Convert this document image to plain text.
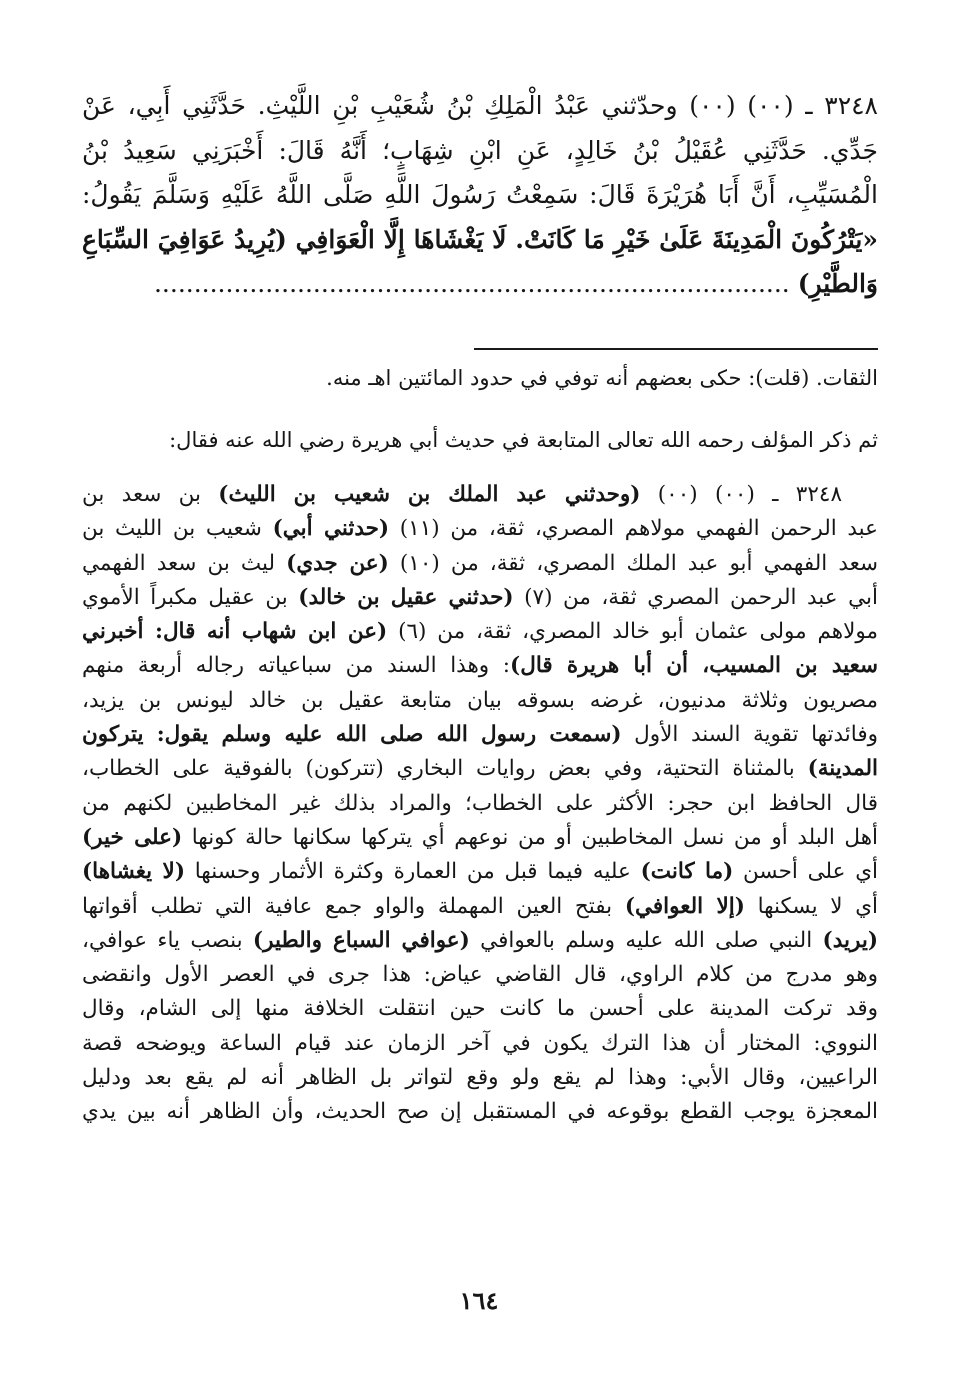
٣٢٤٨ ـ (٠٠) (٠٠) وحدّثني عَبْدُ الْمَلِكِ بْنُ شُعَيْبِ بْنِ اللَّيْثِ. حَدَّثَنِي أَبِي، عَنْ جَدِّي. حَدَّثَنِي عُقَيْلُ بْنُ خَالِدٍ، عَنِ ابْنِ شِهَابٍ؛ أَنَّهُ قَالَ: أَخْبَرَنِي سَعِيدُ بْنُ الْمُسَيِّبِ، أَنَّ أَبَا هُرَيْرَةَ قَالَ: سَمِعْتُ رَسُولَ اللَّهِ صَلَّى اللَّهُ عَلَيْهِ وَسَلَّمَ يَقُولُ: «يَتْرُكُونَ الْمَدِينَةَ عَلَىٰ خَيْرِ مَا كَانَتْ. لَا يَغْشَاهَا إِلَّا الْعَوَافِي (يُرِيدُ عَوَافِيَ السِّبَاعِ وَالطَّيْرِ) ................................................................................
الثقات. (قلت): حكى بعضهم أنه توفي في حدود المائتين اهـ منه.
ثم ذكر المؤلف رحمه الله تعالى المتابعة في حديث أبي هريرة رضي الله عنه فقال:
٣٢٤٨ ـ (٠٠) (٠٠) (وحدثني عبد الملك بن شعيب بن الليث) بن سعد بن
عبد الرحمن الفهمي مولاهم المصري، ثقة، من (١١) (حدثني أبي) شعيب بن الليث بن
سعد الفهمي أبو عبد الملك المصري، ثقة، من (١٠) (عن جدي) ليث بن سعد الفهمي
أبي عبد الرحمن المصري ثقة، من (٧) (حدثني عقيل بن خالد) بن عقيل مكبراً الأموي
مولاهم مولى عثمان أبو خالد المصري، ثقة، من (٦) (عن ابن شهاب أنه قال: أخبرني
سعيد بن المسيب، أن أبا هريرة قال): وهذا السند من سباعياته رجاله أربعة منهم
مصريون وثلاثة مدنيون، غرضه بسوقه بيان متابعة عقيل بن خالد ليونس بن يزيد،
وفائدتها تقوية السند الأول (سمعت رسول الله صلى الله عليه وسلم يقول: يتركون
المدينة) بالمثناة التحتية، وفي بعض روايات البخاري (تتركون) بالفوقية على الخطاب،
قال الحافظ ابن حجر: الأكثر على الخطاب؛ والمراد بذلك غير المخاطبين لكنهم من
أهل البلد أو من نسل المخاطبين أو من نوعهم أي يتركها سكانها حالة كونها (على خير)
أي على أحسن (ما كانت) عليه فيما قبل من العمارة وكثرة الأثمار وحسنها (لا يغشاها)
أي لا يسكنها (إلا العوافي) بفتح العين المهملة والواو جمع عافية التي تطلب أقواتها
(يريد) النبي صلى الله عليه وسلم بالعوافي (عوافي السباع والطير) بنصب ياء عوافي،
وهو مدرج من كلام الراوي، قال القاضي عياض: هذا جرى في العصر الأول وانقضى
وقد تركت المدينة على أحسن ما كانت حين انتقلت الخلافة منها إلى الشام، وقال
النووي: المختار أن هذا الترك يكون في آخر الزمان عند قيام الساعة ويوضحه قصة
الراعيين، وقال الأبي: وهذا لم يقع ولو وقع لتواتر بل الظاهر أنه لم يقع بعد ودليل
المعجزة يوجب القطع بوقوعه في المستقبل إن صح الحديث، وأن الظاهر أنه بين يدي
١٦٤
